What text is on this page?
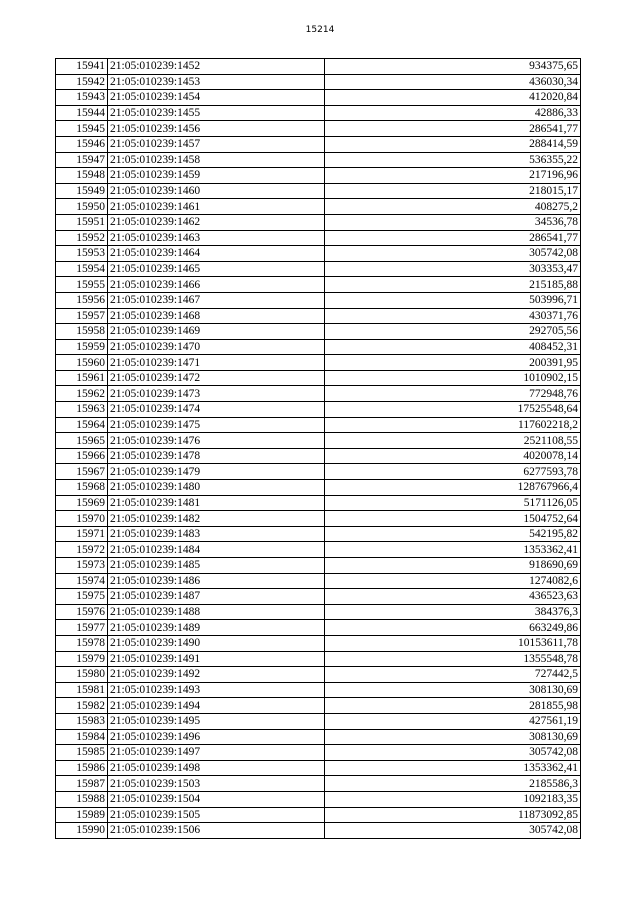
15214
15941	21:05:010239:1452	934375,65
15942	21:05:010239:1453	436030,34
15943	21:05:010239:1454	412020,84
15944	21:05:010239:1455	42886,33
15945	21:05:010239:1456	286541,77
15946	21:05:010239:1457	288414,59
15947	21:05:010239:1458	536355,22
15948	21:05:010239:1459	217196,96
15949	21:05:010239:1460	218015,17
15950	21:05:010239:1461	408275,2
15951	21:05:010239:1462	34536,78
15952	21:05:010239:1463	286541,77
15953	21:05:010239:1464	305742,08
15954	21:05:010239:1465	303353,47
15955	21:05:010239:1466	215185,88
15956	21:05:010239:1467	503996,71
15957	21:05:010239:1468	430371,76
15958	21:05:010239:1469	292705,56
15959	21:05:010239:1470	408452,31
15960	21:05:010239:1471	200391,95
15961	21:05:010239:1472	1010902,15
15962	21:05:010239:1473	772948,76
15963	21:05:010239:1474	17525548,64
15964	21:05:010239:1475	117602218,2
15965	21:05:010239:1476	2521108,55
15966	21:05:010239:1478	4020078,14
15967	21:05:010239:1479	6277593,78
15968	21:05:010239:1480	128767966,4
15969	21:05:010239:1481	5171126,05
15970	21:05:010239:1482	1504752,64
15971	21:05:010239:1483	542195,82
15972	21:05:010239:1484	1353362,41
15973	21:05:010239:1485	918690,69
15974	21:05:010239:1486	1274082,6
15975	21:05:010239:1487	436523,63
15976	21:05:010239:1488	384376,3
15977	21:05:010239:1489	663249,86
15978	21:05:010239:1490	10153611,78
15979	21:05:010239:1491	1355548,78
15980	21:05:010239:1492	727442,5
15981	21:05:010239:1493	308130,69
15982	21:05:010239:1494	281855,98
15983	21:05:010239:1495	427561,19
15984	21:05:010239:1496	308130,69
15985	21:05:010239:1497	305742,08
15986	21:05:010239:1498	1353362,41
15987	21:05:010239:1503	2185586,3
15988	21:05:010239:1504	1092183,35
15989	21:05:010239:1505	11873092,85
15990	21:05:010239:1506	305742,08
